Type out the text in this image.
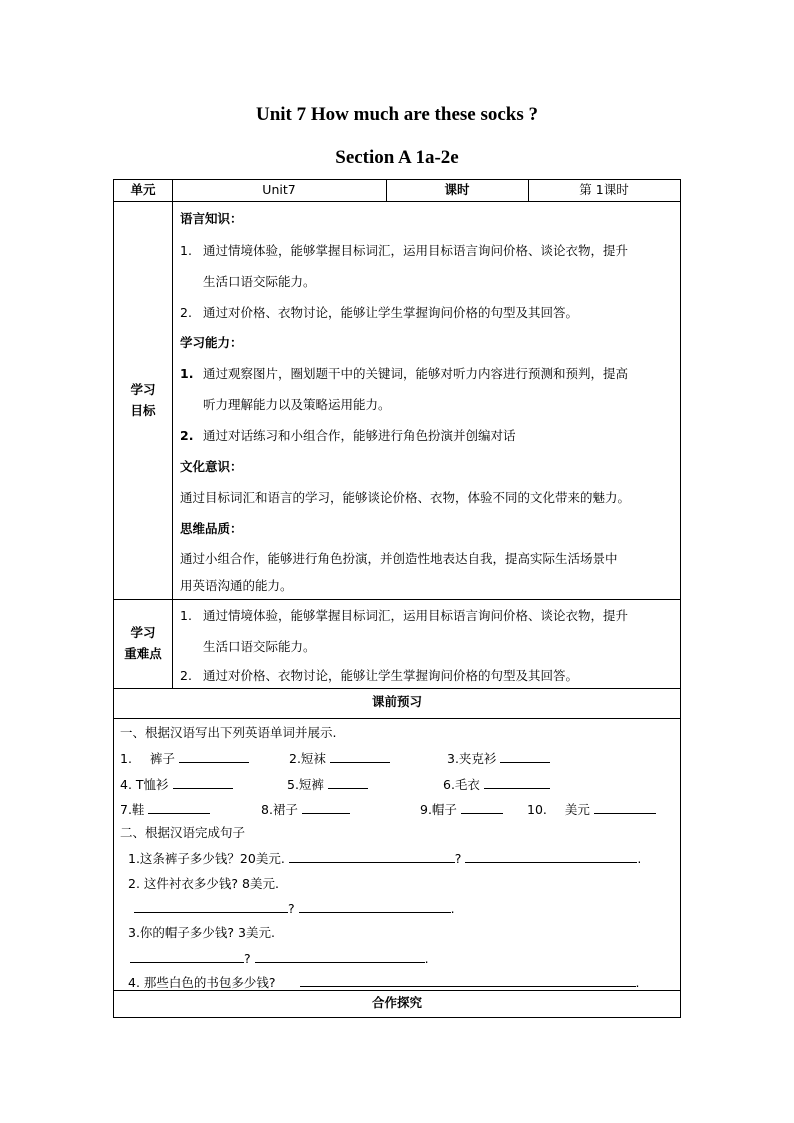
Unit 7 How much are these socks ?
Section A 1a-2e
单元	Unit7	课时	第 1课时
学习
目标
语言知识：
1. 通过情境体验，能够掌握目标词汇，运用目标语言询问价格、谈论衣物，提升
生活口语交际能力。
2. 通过对价格、衣物讨论，能够让学生掌握询问价格的句型及其回答。
学习能力：
1. 通过观察图片，圈划题干中的关键词，能够对听力内容进行预测和预判，提高
听力理解能力以及策略运用能力。
2. 通过对话练习和小组合作，能够进行角色扮演并创编对话
文化意识：
通过目标词汇和语言的学习，能够谈论价格、衣物，体验不同的文化带来的魅力。
思维品质：
通过小组合作，能够进行角色扮演，并创造性地表达自我，提高实际生活场景中
用英语沟通的能力。
学习
重难点
1. 通过情境体验，能够掌握目标词汇，运用目标语言询问价格、谈论衣物，提升
生活口语交际能力。
2. 通过对价格、衣物讨论，能够让学生掌握询问价格的句型及其回答。
课前预习
一、根据汉语写出下列英语单词并展示.
1. 裤子	2.短袜	3.夹克衫
4. T恤衫	5.短裤	6.毛衣
7.鞋	8.裙子	9.帽子	10. 美元
二、根据汉语完成句子
1.这条裤子多少钱？20美元.	?	.
2. 这件衬衣多少钱? 8美元.
?	.
3.你的帽子多少钱? 3美元.
?	.
4. 那些白色的书包多少钱?	.
合作探究
